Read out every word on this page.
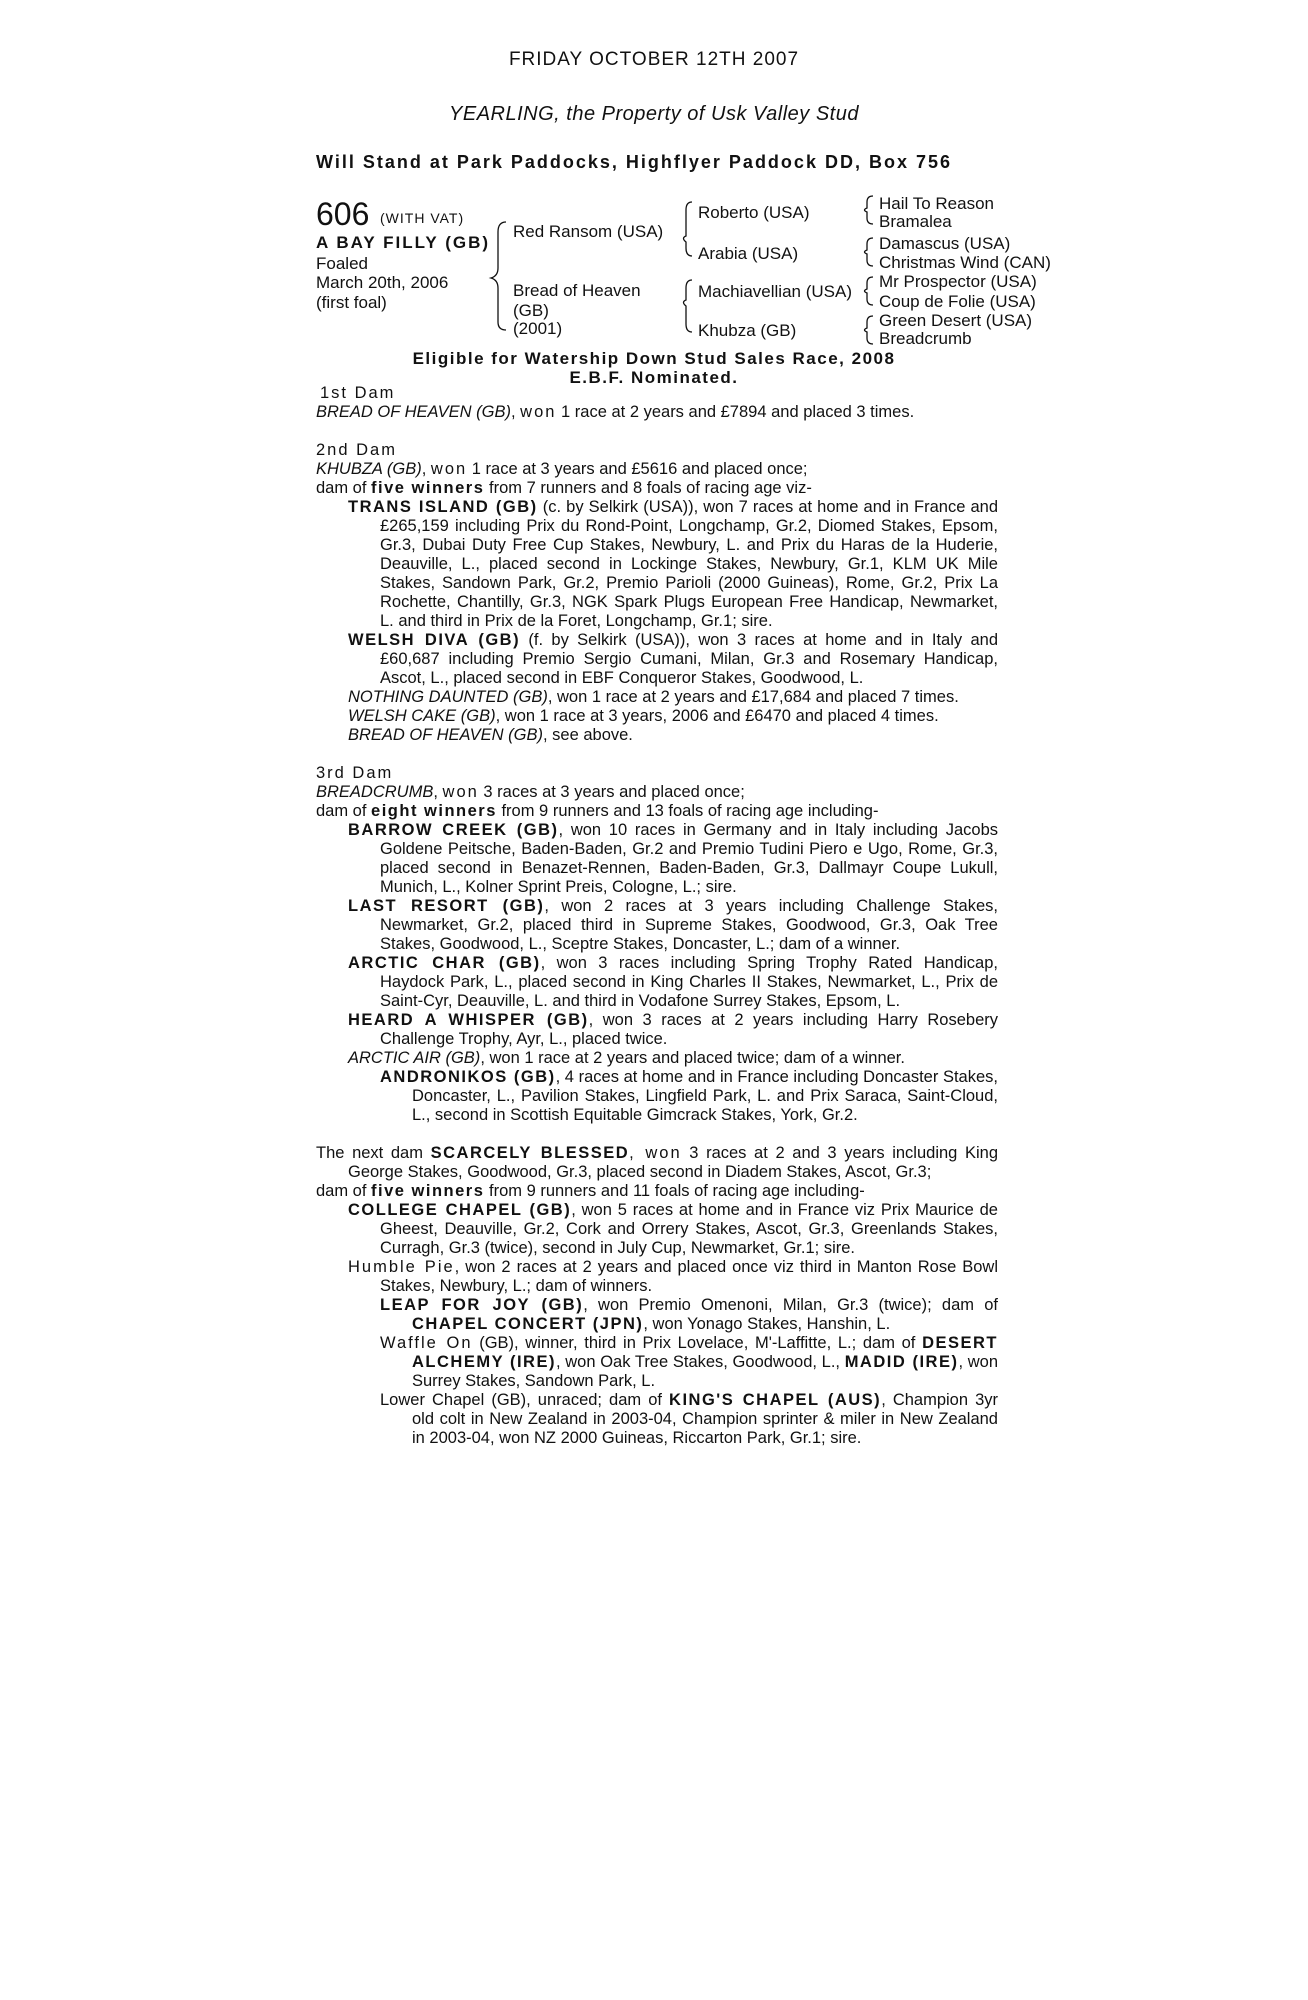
FRIDAY OCTOBER 12TH 2007
YEARLING, the Property of Usk Valley Stud
Will Stand at Park Paddocks, Highflyer Paddock DD, Box 756
606 (WITH VAT)
A BAY FILLY (GB)
Foaled
March 20th, 2006
(first foal)
Red Ransom (USA)
Bread of Heaven
(GB)
(2001)
Roberto (USA)
Arabia (USA)
Machiavellian (USA)
Khubza (GB)
Hail To Reason
Bramalea
Damascus (USA)
Christmas Wind (CAN)
Mr Prospector (USA)
Coup de Folie (USA)
Green Desert (USA)
Breadcrumb
Eligible for Watership Down Stud Sales Race, 2008
E.B.F. Nominated.

1st Dam

BREAD OF HEAVEN (GB), won 1 race at 2 years and £7894 and placed 3 times.

2nd Dam

KHUBZA (GB), won 1 race at 3 years and £5616 and placed once;

dam of five winners from 7 runners and 8 foals of racing age viz-

TRANS ISLAND (GB) (c. by Selkirk (USA)), won 7 races at home and in France and £265,159 including Prix du Rond-Point, Longchamp, Gr.2, Diomed Stakes, Epsom, Gr.3, Dubai Duty Free Cup Stakes, Newbury, L. and Prix du Haras de la Huderie, Deauville, L., placed second in Lockinge Stakes, Newbury, Gr.1, KLM UK Mile Stakes, Sandown Park, Gr.2, Premio Parioli (2000 Guineas), Rome, Gr.2, Prix La Rochette, Chantilly, Gr.3, NGK Spark Plugs European Free Handicap, Newmarket, L. and third in Prix de la Foret, Longchamp, Gr.1; sire.

WELSH DIVA (GB) (f. by Selkirk (USA)), won 3 races at home and in Italy and £60,687 including Premio Sergio Cumani, Milan, Gr.3 and Rosemary Handicap, Ascot, L., placed second in EBF Conqueror Stakes, Goodwood, L.

NOTHING DAUNTED (GB), won 1 race at 2 years and £17,684 and placed 7 times.

WELSH CAKE (GB), won 1 race at 3 years, 2006 and £6470 and placed 4 times.

BREAD OF HEAVEN (GB), see above.

3rd Dam

BREADCRUMB, won 3 races at 3 years and placed once;

dam of eight winners from 9 runners and 13 foals of racing age including-

BARROW CREEK (GB), won 10 races in Germany and in Italy including Jacobs Goldene Peitsche, Baden-Baden, Gr.2 and Premio Tudini Piero e Ugo, Rome, Gr.3, placed second in Benazet-Rennen, Baden-Baden, Gr.3, Dallmayr Coupe Lukull, Munich, L., Kolner Sprint Preis, Cologne, L.; sire.

LAST RESORT (GB), won 2 races at 3 years including Challenge Stakes, Newmarket, Gr.2, placed third in Supreme Stakes, Goodwood, Gr.3, Oak Tree Stakes, Goodwood, L., Sceptre Stakes, Doncaster, L.; dam of a winner.

ARCTIC CHAR (GB), won 3 races including Spring Trophy Rated Handicap, Haydock Park, L., placed second in King Charles II Stakes, Newmarket, L., Prix de Saint-Cyr, Deauville, L. and third in Vodafone Surrey Stakes, Epsom, L.

HEARD A WHISPER (GB), won 3 races at 2 years including Harry Rosebery Challenge Trophy, Ayr, L., placed twice.

ARCTIC AIR (GB), won 1 race at 2 years and placed twice; dam of a winner.

ANDRONIKOS (GB), 4 races at home and in France including Doncaster Stakes, Doncaster, L., Pavilion Stakes, Lingfield Park, L. and Prix Saraca, Saint-Cloud, L., second in Scottish Equitable Gimcrack Stakes, York, Gr.2.

The next dam SCARCELY BLESSED, won 3 races at 2 and 3 years including King George Stakes, Goodwood, Gr.3, placed second in Diadem Stakes, Ascot, Gr.3;

dam of five winners from 9 runners and 11 foals of racing age including-

COLLEGE CHAPEL (GB), won 5 races at home and in France viz Prix Maurice de Gheest, Deauville, Gr.2, Cork and Orrery Stakes, Ascot, Gr.3, Greenlands Stakes, Curragh, Gr.3 (twice), second in July Cup, Newmarket, Gr.1; sire.

Humble Pie, won 2 races at 2 years and placed once viz third in Manton Rose Bowl Stakes, Newbury, L.; dam of winners.

LEAP FOR JOY (GB), won Premio Omenoni, Milan, Gr.3 (twice); dam of CHAPEL CONCERT (JPN), won Yonago Stakes, Hanshin, L.

Waffle On (GB), winner, third in Prix Lovelace, M'-Laffitte, L.; dam of DESERT ALCHEMY (IRE), won Oak Tree Stakes, Goodwood, L., MADID (IRE), won Surrey Stakes, Sandown Park, L.

Lower Chapel (GB), unraced; dam of KING'S CHAPEL (AUS), Champion 3yr old colt in New Zealand in 2003-04, Champion sprinter & miler in New Zealand in 2003-04, won NZ 2000 Guineas, Riccarton Park, Gr.1; sire.
